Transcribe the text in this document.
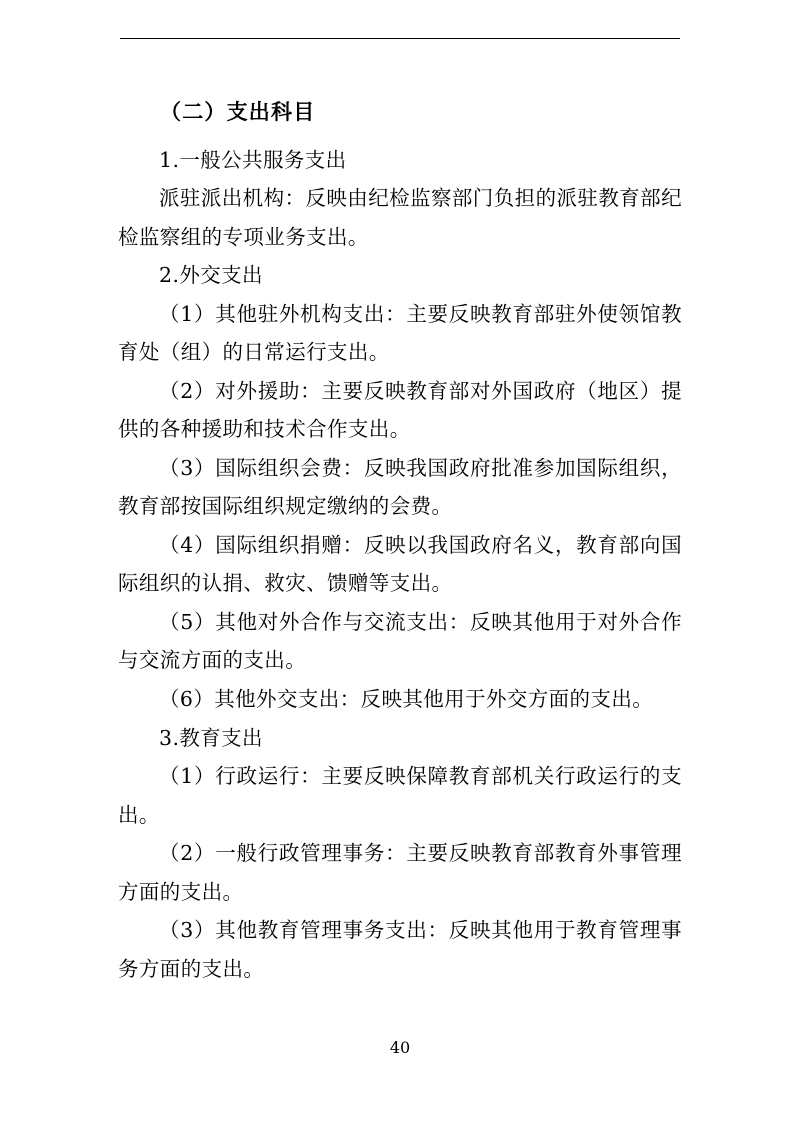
（二）支出科目

1.一般公共服务支出

派驻派出机构：反映由纪检监察部门负担的派驻教育部纪检监察组的专项业务支出。

2.外交支出

（1）其他驻外机构支出：主要反映教育部驻外使领馆教育处（组）的日常运行支出。

（2）对外援助：主要反映教育部对外国政府（地区）提供的各种援助和技术合作支出。

（3）国际组织会费：反映我国政府批准参加国际组织，教育部按国际组织规定缴纳的会费。

（4）国际组织捐赠：反映以我国政府名义，教育部向国际组织的认捐、救灾、馈赠等支出。

（5）其他对外合作与交流支出：反映其他用于对外合作与交流方面的支出。

（6）其他外交支出：反映其他用于外交方面的支出。

3.教育支出

（1）行政运行：主要反映保障教育部机关行政运行的支出。

（2）一般行政管理事务：主要反映教育部教育外事管理方面的支出。

（3）其他教育管理事务支出：反映其他用于教育管理事务方面的支出。

40
